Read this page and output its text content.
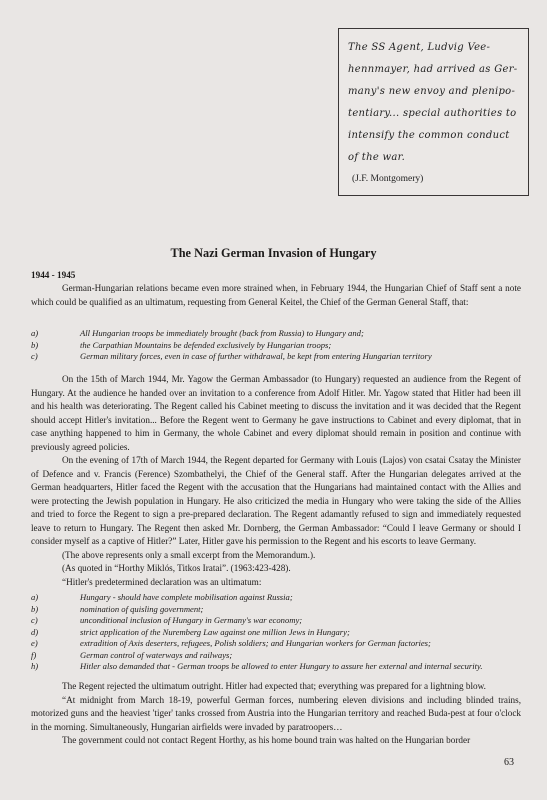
The SS Agent, Ludvig Vee-hennmayer, had arrived as Ger-many's new envoy and plenipo-tentiary... special authorities to intensify the common conduct of the war.

(J.F. Montgomery)
The Nazi German Invasion of Hungary
1944 - 1945

German-Hungarian relations became even more strained when, in February 1944, the Hungarian Chief of Staff sent a note which could be qualified as an ultimatum, requesting from General Keitel, the Chief of the German General Staff, that:

a)	All Hungarian troops be immediately brought (back from Russia) to Hungary and;
b)	the Carpathian Mountains be defended exclusively by Hungarian troops;
c)	German military forces, even in case of further withdrawal, be kept from entering Hungarian territory

On the 15th of March 1944, Mr. Yagow the German Ambassador (to Hungary) requested an audience from the Regent of Hungary. At the audience he handed over an invitation to a conference from Adolf Hitler. Mr. Yagow stated that Hitler had been ill and his health was deteriorating. The Regent called his Cabinet meeting to discuss the invitation and it was decided that the Regent should accept Hitler's invitation... Before the Regent went to Germany he gave instructions to Cabinet and every diplomat, that in case anything happened to him in Germany, the whole Cabinet and every diplomat should remain in position and continue with previously agreed policies.

On the evening of 17th of March 1944, the Regent departed for Germany with Louis (Lajos) von csatai Csatay the Minister of Defence and v. Francis (Ference) Szombathelyi, the Chief of the General staff. After the Hungarian delegates arrived at the German headquarters, Hitler faced the Regent with the accusation that the Hungarians had maintained contact with the Allies and were protecting the Jewish population in Hungary. He also criticized the media in Hungary who were taking the side of the Allies and tried to force the Regent to sign a pre-prepared declaration. The Regent adamantly refused to sign and immediately requested leave to return to Hungary. The Regent then asked Mr. Dornberg, the German Ambassador: “Could I leave Germany or should I consider myself as a captive of Hitler?” Later, Hitler gave his permission to the Regent and his escorts to leave Germany.

(The above represents only a small excerpt from the Memorandum.).

(As quoted in “Horthy Miklós, Titkos Iratai”. (1963:423-428).

“Hitler's predetermined declaration was an ultimatum:

a)	Hungary - should have complete mobilisation against Russia;
b)	nomination of quisling government;
c)	unconditional inclusion of Hungary in Germany's war economy;
d)	strict application of the Nuremberg Law against one million Jews in Hungary;
e)	extradition of Axis deserters, refugees, Polish soldiers; and Hungarian workers for German factories;
f)	German control of waterways and railways;
h)	Hitler also demanded that - German troops be allowed to enter Hungary to assure her external and internal security.

The Regent rejected the ultimatum outright. Hitler had expected that; everything was prepared for a lightning blow.

“At midnight from March 18-19, powerful German forces, numbering eleven divisions and including blinded trains, motorized guns and the heaviest 'tiger' tanks crossed from Austria into the Hungarian territory and reached Buda-pest at four o'clock in the morning. Simultaneously, Hungarian airfields were invaded by paratroopers…

The government could not contact Regent Horthy, as his home bound train was halted on the Hungarian border

63
